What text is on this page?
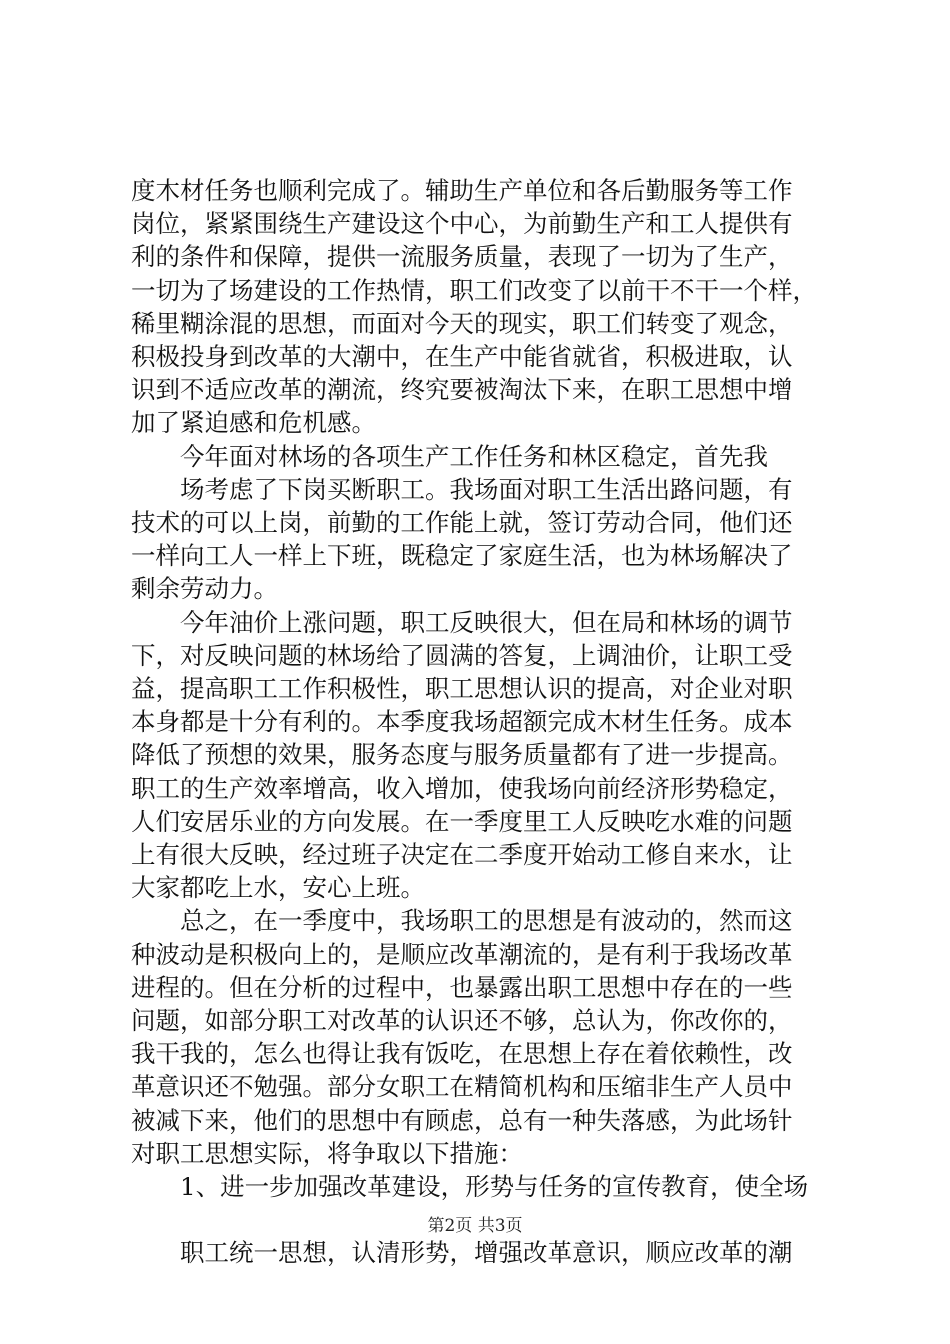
度木材任务也顺利完成了。辅助生产单位和各后勤服务等工作
岗位，紧紧围绕生产建设这个中心，为前勤生产和工人提供有
利的条件和保障，提供一流服务质量，表现了一切为了生产，
一切为了场建设的工作热情，职工们改变了以前干不干一个样，
稀里糊涂混的思想，而面对今天的现实，职工们转变了观念，
积极投身到改革的大潮中，在生产中能省就省，积极进取，认
识到不适应改革的潮流，终究要被淘汰下来，在职工思想中增
加了紧迫感和危机感。
　　今年面对林场的各项生产工作任务和林区稳定，首先我
　　场考虑了下岗买断职工。我场面对职工生活出路问题，有
技术的可以上岗，前勤的工作能上就，签订劳动合同，他们还
一样向工人一样上下班，既稳定了家庭生活，也为林场解决了
剩余劳动力。
　　今年油价上涨问题，职工反映很大，但在局和林场的调节
下，对反映问题的林场给了圆满的答复，上调油价，让职工受
益，提高职工工作积极性，职工思想认识的提高，对企业对职
本身都是十分有利的。本季度我场超额完成木材生任务。成本
降低了预想的效果，服务态度与服务质量都有了进一步提高。
职工的生产效率增高，收入增加，使我场向前经济形势稳定，
人们安居乐业的方向发展。在一季度里工人反映吃水难的问题
上有很大反映，经过班子决定在二季度开始动工修自来水，让
大家都吃上水，安心上班。
　　总之，在一季度中，我场职工的思想是有波动的，然而这
种波动是积极向上的，是顺应改革潮流的，是有利于我场改革
进程的。但在分析的过程中，也暴露出职工思想中存在的一些
问题，如部分职工对改革的认识还不够，总认为，你改你的，
我干我的，怎么也得让我有饭吃，在思想上存在着依赖性，改
革意识还不勉强。部分女职工在精简机构和压缩非生产人员中
被减下来，他们的思想中有顾虑，总有一种失落感，为此场针
对职工思想实际，将争取以下措施：
　　1、进一步加强改革建设，形势与任务的宣传教育，使全场
　　职工统一思想，认清形势，增强改革意识，顺应改革的潮
第2页 共3页
